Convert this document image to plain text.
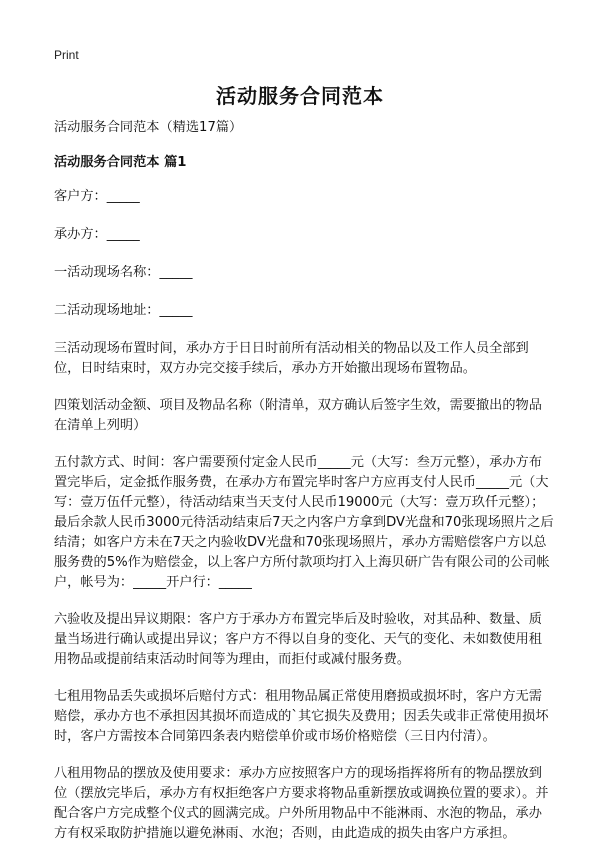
Print
活动服务合同范本

活动服务合同范本（精选17篇）

活动服务合同范本 篇1

客户方：_____

承办方：_____

一活动现场名称：_____

二活动现场地址：_____

三活动现场布置时间，承办方于日日时前所有活动相关的物品以及工作人员全部到位，日时结束时，双方办完交接手续后，承办方开始撤出现场布置物品。

四策划活动金额、项目及物品名称（附清单，双方确认后签字生效，需要撤出的物品在清单上列明）

五付款方式、时间：客户需要预付定金人民币_____元（大写：叁万元整），承办方布置完毕后，定金抵作服务费，在承办方布置完毕时客户方应再支付人民币_____元（大写：壹万伍仟元整），待活动结束当天支付人民币19000元（大写：壹万玖仟元整）；最后余款人民币3000元待活动结束后7天之内客户方拿到DV光盘和70张现场照片之后结清；如客户方未在7天之内验收DV光盘和70张现场照片，承办方需赔偿客户方以总服务费的5%作为赔偿金，以上客户方所付款项均打入上海贝研广告有限公司的公司帐户，帐号为：_____开户行：_____

六验收及提出异议期限：客户方于承办方布置完毕后及时验收，对其品种、数量、质量当场进行确认或提出异议；客户方不得以自身的变化、天气的变化、未如数使用租用物品或提前结束活动时间等为理由，而拒付或减付服务费。

七租用物品丢失或损坏后赔付方式：租用物品属正常使用磨损或损坏时，客户方无需赔偿，承办方也不承担因其损坏而造成的`其它损失及费用；因丢失或非正常使用损坏时，客户方需按本合同第四条表内赔偿单价或市场价格赔偿（三日内付清）。

八租用物品的摆放及使用要求：承办方应按照客户方的现场指挥将所有的物品摆放到位（摆放完毕后，承办方有权拒绝客户方要求将物品重新摆放或调换位置的要求）。并配合客户方完成整个仪式的圆满完成。户外所用物品中不能淋雨、水泡的物品，承办方有权采取防护措施以避免淋雨、水泡；否则，由此造成的损失由客户方承担。
